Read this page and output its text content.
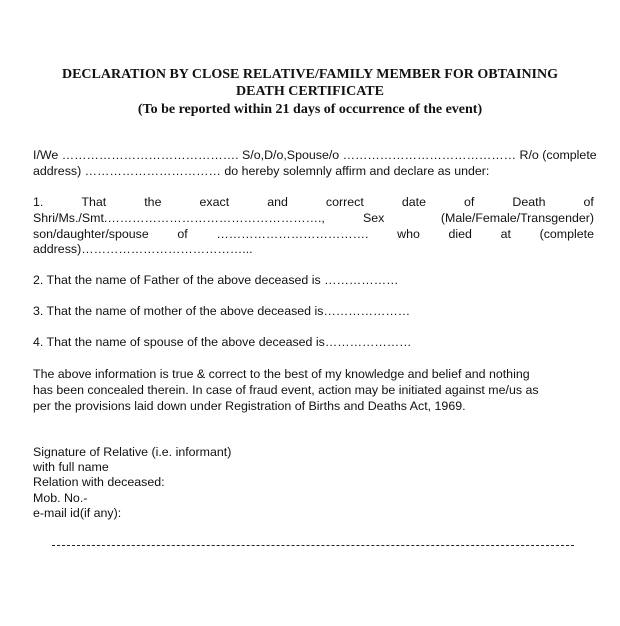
DECLARATION BY CLOSE RELATIVE/FAMILY MEMBER FOR OBTAINING
DEATH CERTIFICATE
(To be reported within 21 days of occurrence of the event)
I/We ……………………………………. S/o,D/o,Spouse/o …………………………………… R/o (complete
address) …………………………… do hereby solemnly affirm and declare as under:
1.	That	the	exact	and	correct	date	of	Death	of
Shri/Ms./Smt.…………………………………………….,	Sex	(Male/Female/Transgender)
son/daughter/spouse of ………………………………. who died at (complete
address)…………………………………...
2. That the name of Father of the above deceased is ………………
3. That the name of mother of the above deceased is…………………
4. That the name of spouse of the above deceased is…………………
The above information is true & correct to the best of my knowledge and belief and nothing
has been concealed therein. In case of fraud event, action may be initiated against me/us as
per the provisions laid down under Registration of Births and Deaths Act, 1969.
Signature of Relative (i.e. informant)
with full name
Relation with deceased:
Mob. No.-
e-mail id(if any):
